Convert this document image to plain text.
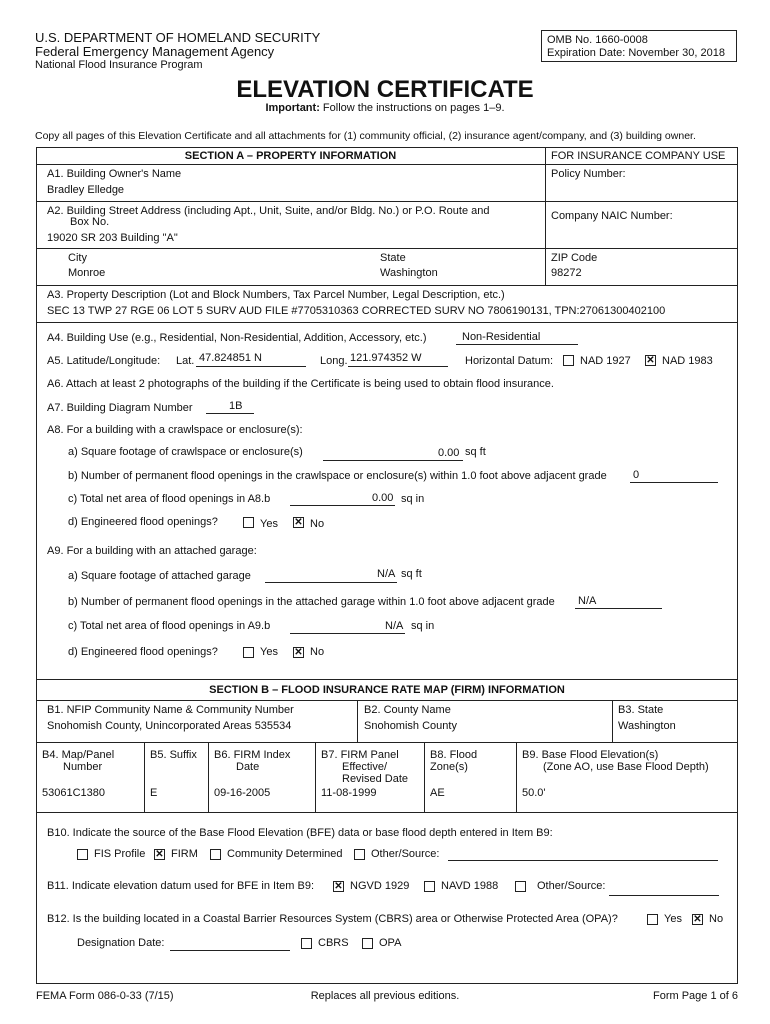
U.S. DEPARTMENT OF HOMELAND SECURITY
Federal Emergency Management Agency
National Flood Insurance Program
OMB No. 1660-0008
Expiration Date: November 30, 2018
ELEVATION CERTIFICATE
Important: Follow the instructions on pages 1–9.
Copy all pages of this Elevation Certificate and all attachments for (1) community official, (2) insurance agent/company, and (3) building owner.
SECTION A – PROPERTY INFORMATION	FOR INSURANCE COMPANY USE
A1. Building Owner's Name
Bradley Elledge
Policy Number:
A2. Building Street Address (including Apt., Unit, Suite, and/or Bldg. No.) or P.O. Route and
Box No.
19020 SR 203 Building "A"
Company NAIC Number:
City
Monroe
State
Washington
ZIP Code
98272
A3. Property Description (Lot and Block Numbers, Tax Parcel Number, Legal Description, etc.)
SEC 13 TWP 27 RGE 06 LOT 5 SURV AUD FILE #7705310363 CORRECTED SURV NO 7806190131, TPN:27061300402100
A4. Building Use (e.g., Residential, Non-Residential, Addition, Accessory, etc.)	Non-Residential
A5. Latitude/Longitude: Lat. 47.824851 N	Long. 121.974352 W	Horizontal Datum: NAD 1927 ✕ NAD 1983
A6. Attach at least 2 photographs of the building if the Certificate is being used to obtain flood insurance.
A7. Building Diagram Number	1B
A8. For a building with a crawlspace or enclosure(s):
a) Square footage of crawlspace or enclosure(s)	0.00 sq ft
b) Number of permanent flood openings in the crawlspace or enclosure(s) within 1.0 foot above adjacent grade 0
c) Total net area of flood openings in A8.b	0.00 sq in
d) Engineered flood openings?	Yes ✕ No
A9. For a building with an attached garage:
a) Square footage of attached garage	N/A sq ft
b) Number of permanent flood openings in the attached garage within 1.0 foot above adjacent grade N/A
c) Total net area of flood openings in A9.b	N/A sq in
d) Engineered flood openings?	Yes ✕ No
SECTION B – FLOOD INSURANCE RATE MAP (FIRM) INFORMATION
B1. NFIP Community Name & Community Number
Snohomish County, Unincorporated Areas 535534
B2. County Name
Snohomish County
B3. State
Washington
B4. Map/Panel
Number
53061C1380
B5. Suffix
E
B6. FIRM Index
Date
09-16-2005
B7. FIRM Panel
Effective/
Revised Date
11-08-1999
B8. Flood
Zone(s)
AE
B9. Base Flood Elevation(s)
(Zone AO, use Base Flood Depth)
50.0'
B10. Indicate the source of the Base Flood Elevation (BFE) data or base flood depth entered in Item B9:
FIS Profile ✕ FIRM	Community Determined	Other/Source:
B11. Indicate elevation datum used for BFE in Item B9: ✕ NGVD 1929	NAVD 1988	Other/Source:
B12. Is the building located in a Coastal Barrier Resources System (CBRS) area or Otherwise Protected Area (OPA)?	Yes ✕ No
Designation Date:	CBRS	OPA
FEMA Form 086-0-33 (7/15)	Replaces all previous editions.	Form Page 1 of 6
